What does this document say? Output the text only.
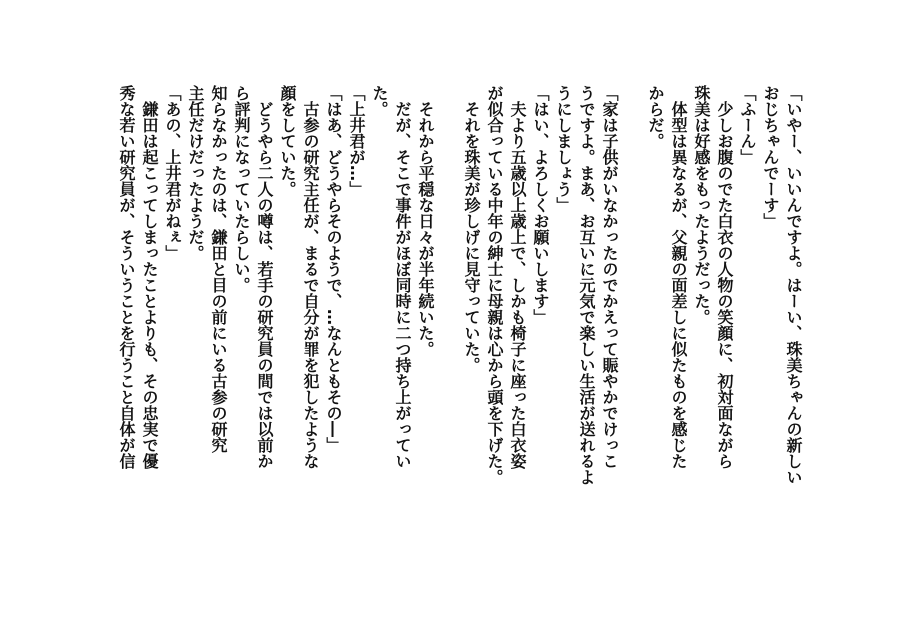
「いやー、いいんですよ。はーい、珠美ちゃんの新しい
おじちゃんでーす」
「ふーん」
　少しお腹のでた白衣の人物の笑顔に、初対面ながら
珠美は好感をもったようだった。
　体型は異なるが、父親の面差しに似たものを感じた
からだ。
「家は子供がいなかったのでかえって賑やかでけっこ
うですよ。まあ、お互いに元気で楽しい生活が送れるよ
うにしましょう」
「はい、よろしくお願いします」
　夫より五歳以上歳上で、しかも椅子に座った白衣姿
が似合っている中年の紳士に母親は心から頭を下げた。
　それを珠美が珍しげに見守っていた。
　それから平穏な日々が半年続いた。
　だが、そこで事件がほぼ同時に二つ持ち上がってい
た。
「上井君が…」
「はあ、どうやらそのようで、…なんともその―」
　古参の研究主任が、まるで自分が罪を犯したような
顔をしていた。
　どうやら二人の噂は、若手の研究員の間では以前か
ら評判になっていたらしい。
知らなかったのは、鎌田と目の前にいる古参の研究
主任だけだったようだ。
「あの、上井君がねぇ」
　鎌田は起こってしまったことよりも、その忠実で優
秀な若い研究員が、そういうことを行うこと自体が信
